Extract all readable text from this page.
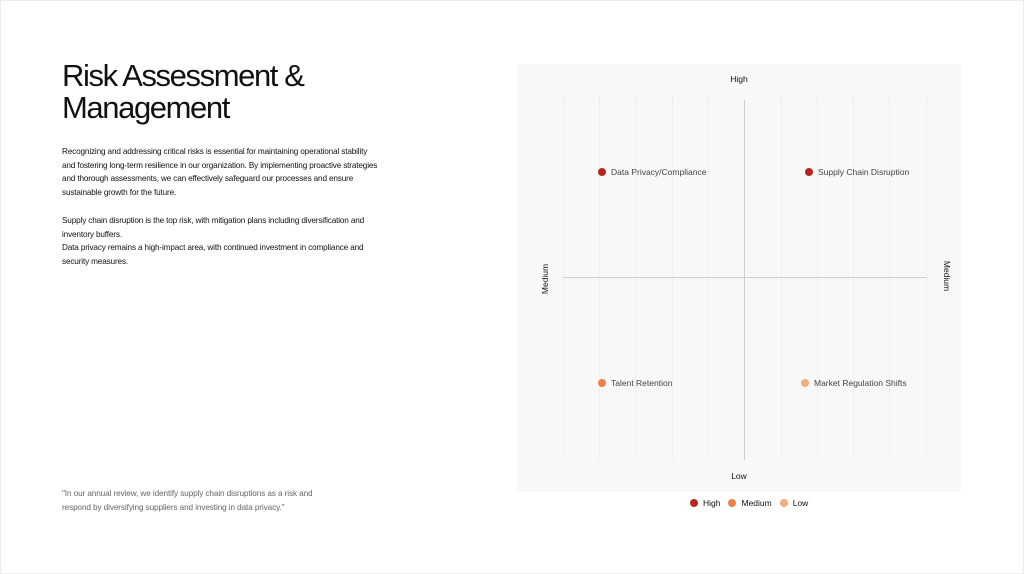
Risk Assessment & Management

Recognizing and addressing critical risks is essential for maintaining operational stability and fostering long-term resilience in our organization. By implementing proactive strategies and thorough assessments, we can effectively safeguard our processes and ensure sustainable growth for the future.

Supply chain disruption is the top risk, with mitigation plans including diversification and inventory buffers.
Data privacy remains a high-impact area, with continued investment in compliance and security measures.

"In our annual review, we identify supply chain disruptions as a risk and respond by diversifying suppliers and investing in data privacy."

High
Low
Medium	Medium
Data Privacy/Compliance	Supply Chain Disruption
Talent Retention	Market Regulation Shifts
High Medium Low
